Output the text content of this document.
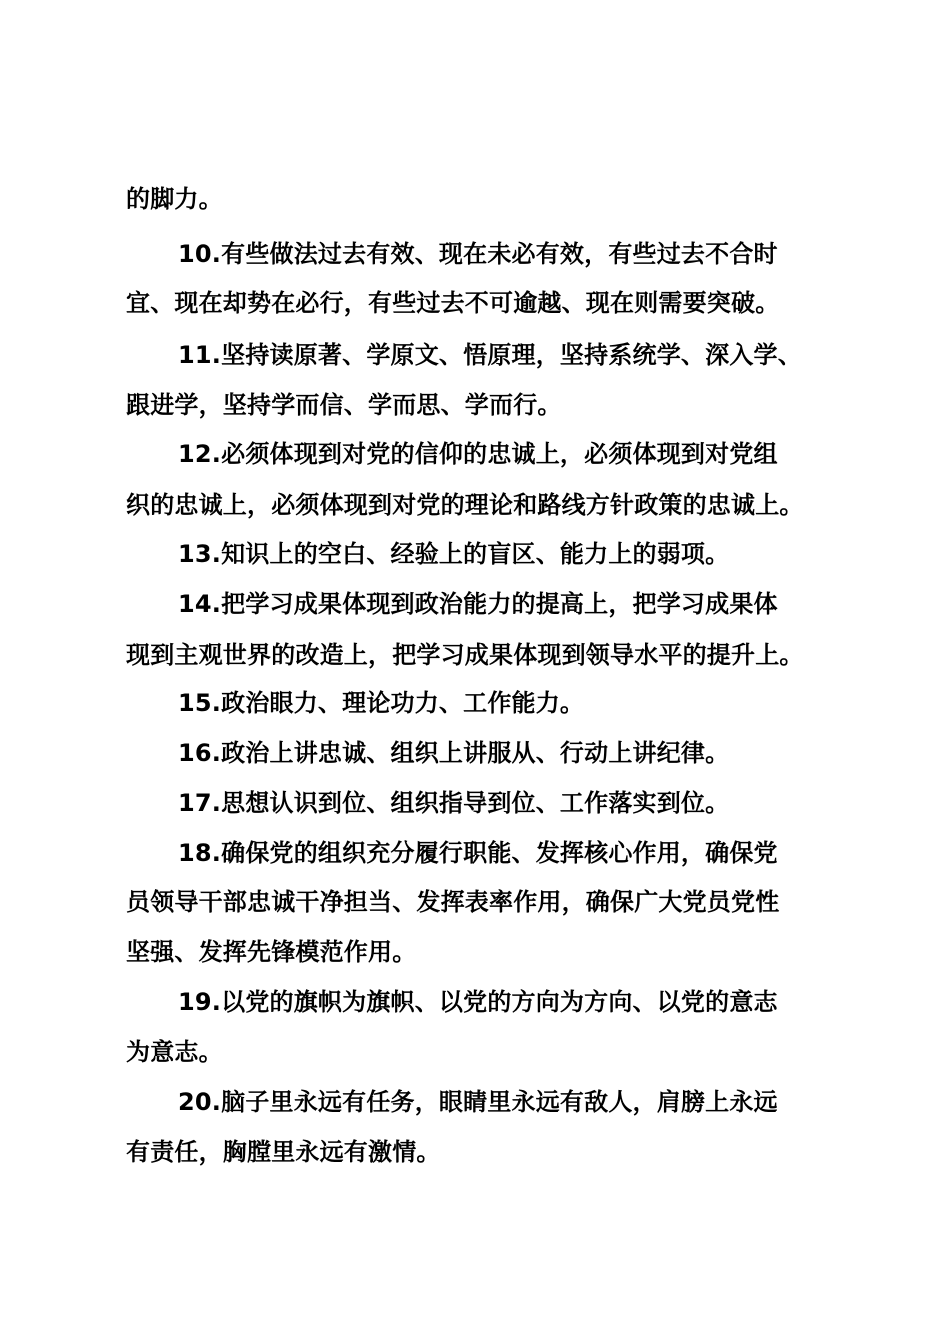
的脚力。
10.有些做法过去有效、现在未必有效，有些过去不合时
宜、现在却势在必行，有些过去不可逾越、现在则需要突破。
11.坚持读原著、学原文、悟原理，坚持系统学、深入学、
跟进学，坚持学而信、学而思、学而行。
12.必须体现到对党的信仰的忠诚上，必须体现到对党组
织的忠诚上，必须体现到对党的理论和路线方针政策的忠诚上。
13.知识上的空白、经验上的盲区、能力上的弱项。
14.把学习成果体现到政治能力的提高上，把学习成果体
现到主观世界的改造上，把学习成果体现到领导水平的提升上。
15.政治眼力、理论功力、工作能力。
16.政治上讲忠诚、组织上讲服从、行动上讲纪律。
17.思想认识到位、组织指导到位、工作落实到位。
18.确保党的组织充分履行职能、发挥核心作用，确保党
员领导干部忠诚干净担当、发挥表率作用，确保广大党员党性
坚强、发挥先锋模范作用。
19.以党的旗帜为旗帜、以党的方向为方向、以党的意志
为意志。
20.脑子里永远有任务，眼睛里永远有敌人，肩膀上永远
有责任，胸膛里永远有激情。
